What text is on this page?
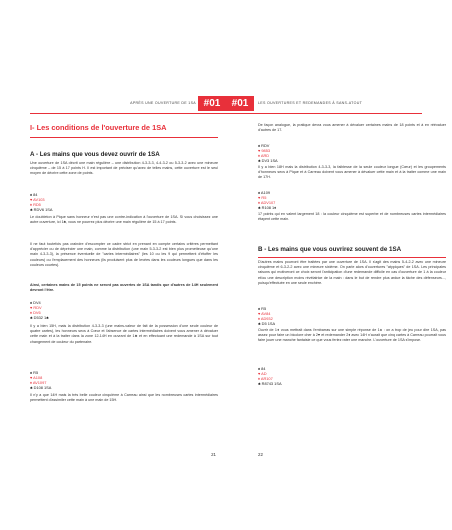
APRÈS UNE OUVERTURE DE 1SA #01
I- Les conditions de l'ouverture de 1SA
A - Les mains que vous devez ouvrir de 1SA
Une ouverture de 1SA décrit une main régulière – une distribution 4-3-3-3, 4-4-3-2 ou 5-3-3-2 avec une mineure cinquième – de 15 à 17 points H. Il est important de préciser qu'avec de telles mains, cette ouverture est le seul moyen de décrire cette zone de points.
♠ 84
♥ AV103
♦ RD5
♣ RDV6 1SA
Le doubleton à Pique sans honneur n'est pas une contre-indication à l'ouverture de 1SA. Si vous choisissez une autre ouverture, ici 1♣, vous ne pourrez plus décrire une main régulière de 15 à 17 points.
Il ne faut toutefois pas craindre d'escompter ce cadre strict en prenant en compte certains critères permettant d'apprécier ou de déprécier une main, comme la distribution (une main 5-3-3-2 est bien plus prometteuse qu'une main 4-3-3-3), la présence éventuelle de "cartes intermédiaires" (les 10 ou les 9 qui permettent d'étoffer les couleurs) ou l'emplacement des honneurs (ils produisent plus de levées dans les couleurs longues que dans les couleurs courtes).
Ainsi, certaines mains de 15 points ne seront pas ouvertes de 1SA tandis que d'autres de 14H seulement devront l'être.
♠ DV4
♥ RDV
♦ DV6
♣ D532 1♣
Il y a bien 15H, mais la distribution 4-3-3-3 (une mains-valeur de fait de la possession d'une seule couleur de quatre cartes), les honneurs secs à Cœur et l'absence de cartes intermédiaires doivent vous amener à dévaluer cette main et à la traiter dans la zone 12-14H en ouvrant de 1♣ et en effectuant une redemande à 1SA sur tout changement de couleur du partenaire.
♠ R5
♥ A108
♦ AV1097
♣ D108 1SA
Il n'y a que 14H mais la très belle couleur cinquième à Carreau ainsi que les nombreuses cartes intermédiaires permettent d'assimiler cette main à une main de 15H.
21
#01	LES OUVERTURES ET REDEMANDES À SANS-ATOUT
De façon analogue, la pratique devra vous amener à dévaluer certaines mains de 18 points et à en réévaluer d'autres de 17.
♠ RDV
♥ 9853
♦ ARD
♣ DV3 1SA
Il y a bien 18H mais la distribution 4-3-3-3, la faiblesse de la seule couleur longue (Cœur) et les groupements d'honneurs secs à Pique et à Carreau doivent vous amener à dévaluer cette main et à la traiter comme une main de 17H.
♠ A109
♥ R5
♦ ADV107
♣ R108 1♦
17 points qui en valent largement 18 : la couleur cinquième est superbe et de nombreuses cartes intermédiaires étayent cette main.
B - Les mains que vous ouvrirez souvent de 1SA
D'autres mains pourront être traitées par une ouverture de 1SA. Il s'agit des mains 5-4-2-2 avec une mineure cinquième et 6-3-2-2 avec une mineure sixième. On parle alors d'ouvertures "atypiques" de 1SA. Les principales raisons qui motiveront ce choix seront l'anticipation d'une redemande difficile en cas d'ouverture de 1 à la couleur et/ou une description moins révélatrice de la main : dans le but de rendre plus ardue la tâche des défenseurs..., puisqu'effectuée en une seule enchère.
♠ R5
♥ AV84
♦ AD932
♣ D5 1SA
Ouvrir de 1♦ vous mettrait dans l'embarras sur une simple réponse de 1♠ : on a trop de jeu pour dire 1SA, pas assez pour faire un bicolore cher à 2♥ et redemander 2♦ avec 14H n'aurait que cinq cartes à Carreau pourrait vous faire jouer une manche fantaisie ce que vous feriez rater une manche. L'ouverture de 1SA s'impose.
♠ 84
♥ AD
♦ AR107
♣ R8743 1SA
22
